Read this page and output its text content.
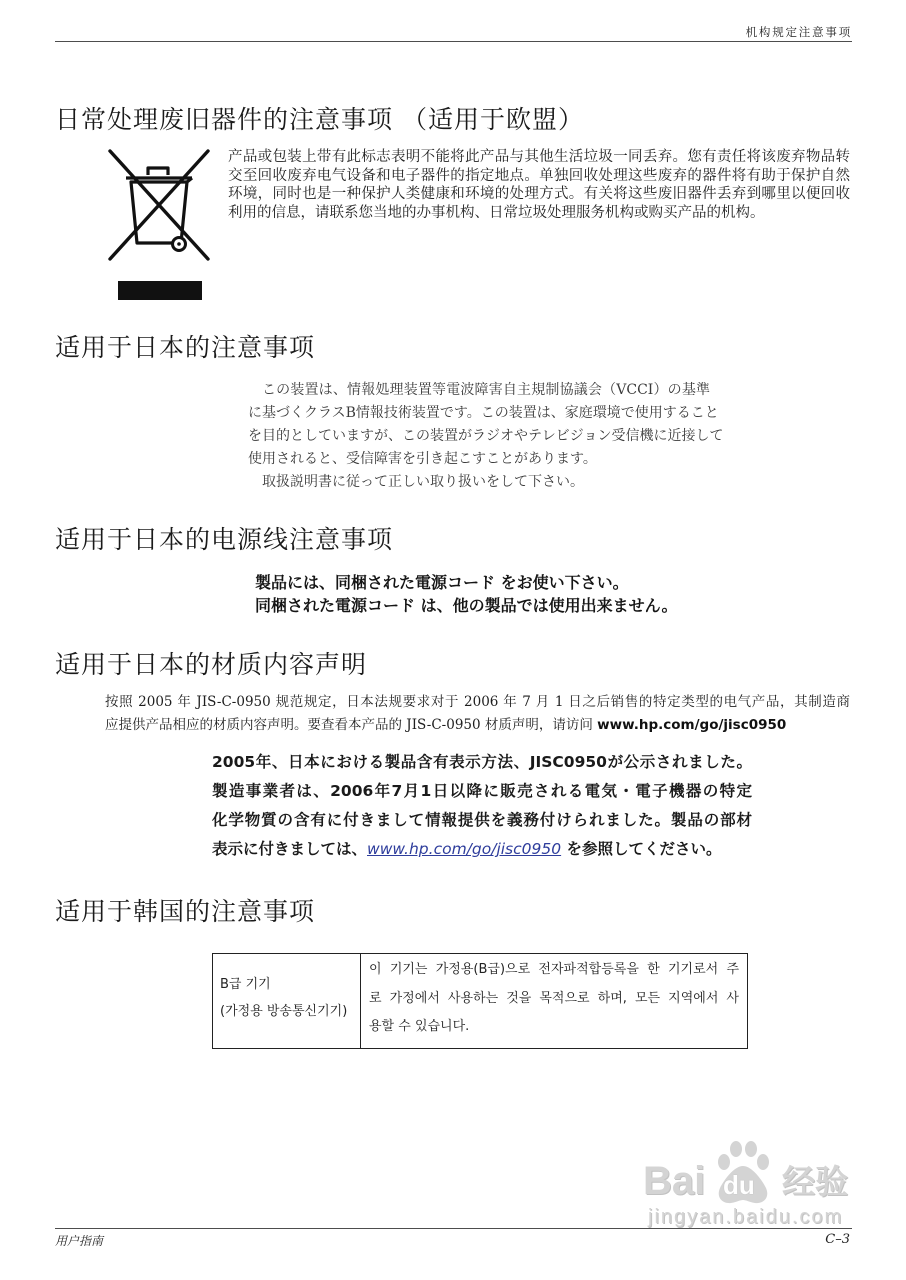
机构规定注意事项
日常处理废旧器件的注意事项 （适用于欧盟）
产品或包装上带有此标志表明不能将此产品与其他生活垃圾一同丢弃。您有责任将该废弃物品转
交至回收废弃电气设备和电子器件的指定地点。单独回收处理这些废弃的器件将有助于保护自然
环境，同时也是一种保护人类健康和环境的处理方式。有关将这些废旧器件丢弃到哪里以便回收
利用的信息，请联系您当地的办事机构、日常垃圾处理服务机构或购买产品的机构。
适用于日本的注意事项
この装置は、情報処理装置等電波障害自主規制協議会（VCCI）の基準
に基づくクラスB情報技術装置です。この装置は、家庭環境で使用すること
を目的としていますが、この装置がラジオやテレビジョン受信機に近接して
使用されると、受信障害を引き起こすことがあります。
取扱説明書に従って正しい取り扱いをして下さい。
适用于日本的电源线注意事项
製品には、同梱された電源コード をお使い下さい。
同梱された電源コード は、他の製品では使用出来ません。
适用于日本的材质内容声明
按照 2005 年 JIS-C-0950 规范规定，日本法规要求对于 2006 年 7 月 1 日之后销售的特定类型的电气产品，其制造商
应提供产品相应的材质内容声明。要查看本产品的 JIS-C-0950 材质声明，请访问 www.hp.com/go/jisc0950
2005年、日本における製品含有表示方法、JISC0950が公示されました。
製造事業者は、2006年7月1日以降に販売される電気・電子機器の特定
化学物質の含有に付きまして情報提供を義務付けられました。製品の部材
表示に付きましては、www.hp.com/go/jisc0950 を参照してください。
适用于韩国的注意事项
B급 기기
(가정용 방송통신기기)
이 기기는 가정용(B급)으로 전자파적합등록을 한 기기로서 주
로 가정에서 사용하는 것을 목적으로 하며, 모든 지역에서 사
용할 수 있습니다.
Bai du 经验
jingyan.baidu.com
用户指南	C–3
